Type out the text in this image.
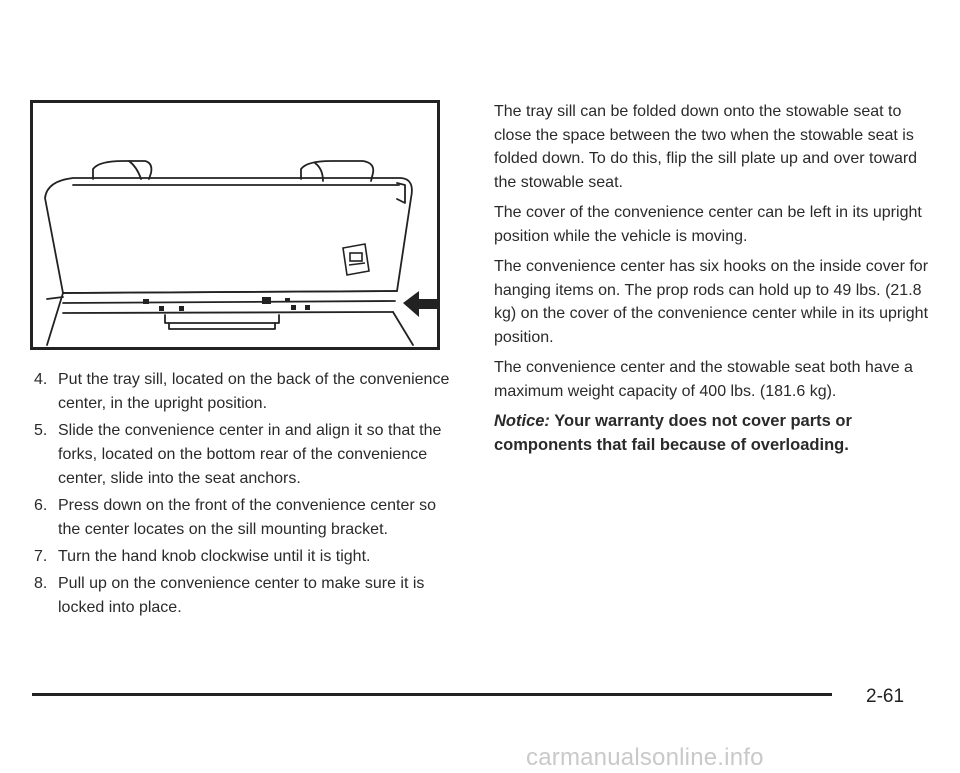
4. Put the tray sill, located on the back of the convenience center, in the upright position.
5. Slide the convenience center in and align it so that the forks, located on the bottom rear of the convenience center, slide into the seat anchors.
6. Press down on the front of the convenience center so the center locates on the sill mounting bracket.
7. Turn the hand knob clockwise until it is tight.
8. Pull up on the convenience center to make sure it is locked into place.

The tray sill can be folded down onto the stowable seat to close the space between the two when the stowable seat is folded down. To do this, flip the sill plate up and over toward the stowable seat.

The cover of the convenience center can be left in its upright position while the vehicle is moving.

The convenience center has six hooks on the inside cover for hanging items on. The prop rods can hold up to 49 lbs. (21.8 kg) on the cover of the convenience center while in its upright position.

The convenience center and the stowable seat both have a maximum weight capacity of 400 lbs. (181.6 kg).

Notice: Your warranty does not cover parts or components that fail because of overloading.

2-61
carmanualsonline.info
